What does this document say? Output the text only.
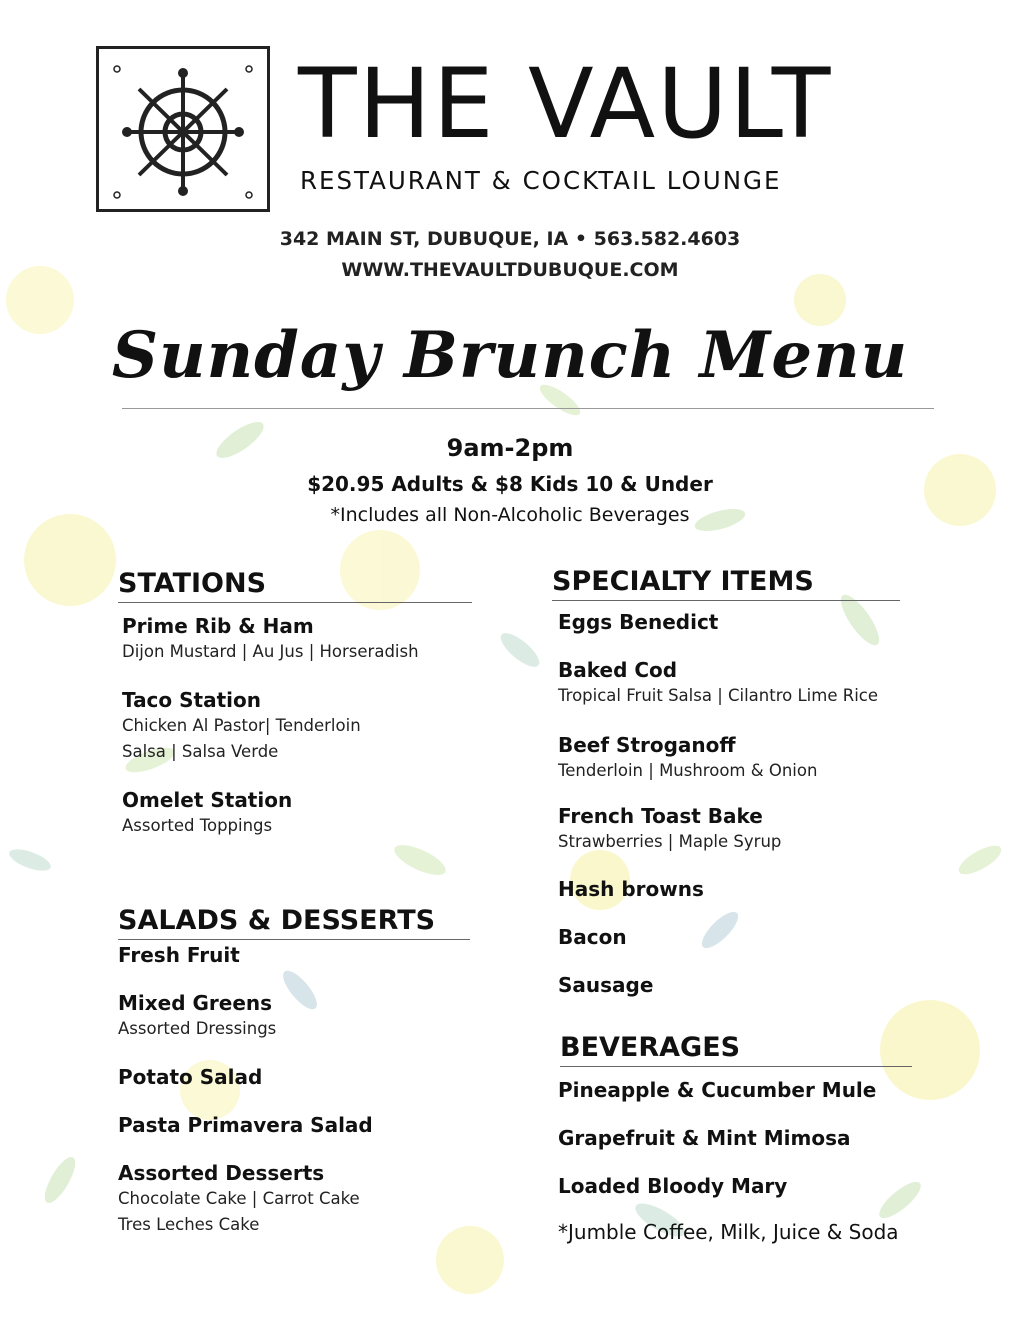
THE VAULT
RESTAURANT & COCKTAIL LOUNGE
342 MAIN ST, DUBUQUE, IA • 563.582.4603
WWW.THEVAULTDUBUQUE.COM
Sunday Brunch Menu
9am-2pm
$20.95 Adults & $8 Kids 10 & Under
*Includes all Non-Alcoholic Beverages
STATIONS
Prime Rib & Ham
Dijon Mustard | Au Jus | Horseradish
Taco Station
Chicken Al Pastor| Tenderloin
Salsa | Salsa Verde
Omelet Station
Assorted Toppings
SALADS & DESSERTS
Fresh Fruit
Mixed Greens
Assorted Dressings
Potato Salad
Pasta Primavera Salad
Assorted Desserts
Chocolate Cake | Carrot Cake
Tres Leches Cake
SPECIALTY ITEMS
Eggs Benedict
Baked Cod
Tropical Fruit Salsa | Cilantro Lime Rice
Beef Stroganoff
Tenderloin | Mushroom & Onion
French Toast Bake
Strawberries | Maple Syrup
Hash browns
Bacon
Sausage
BEVERAGES
Pineapple & Cucumber Mule
Grapefruit & Mint Mimosa
Loaded Bloody Mary
*Jumble Coffee, Milk, Juice & Soda
